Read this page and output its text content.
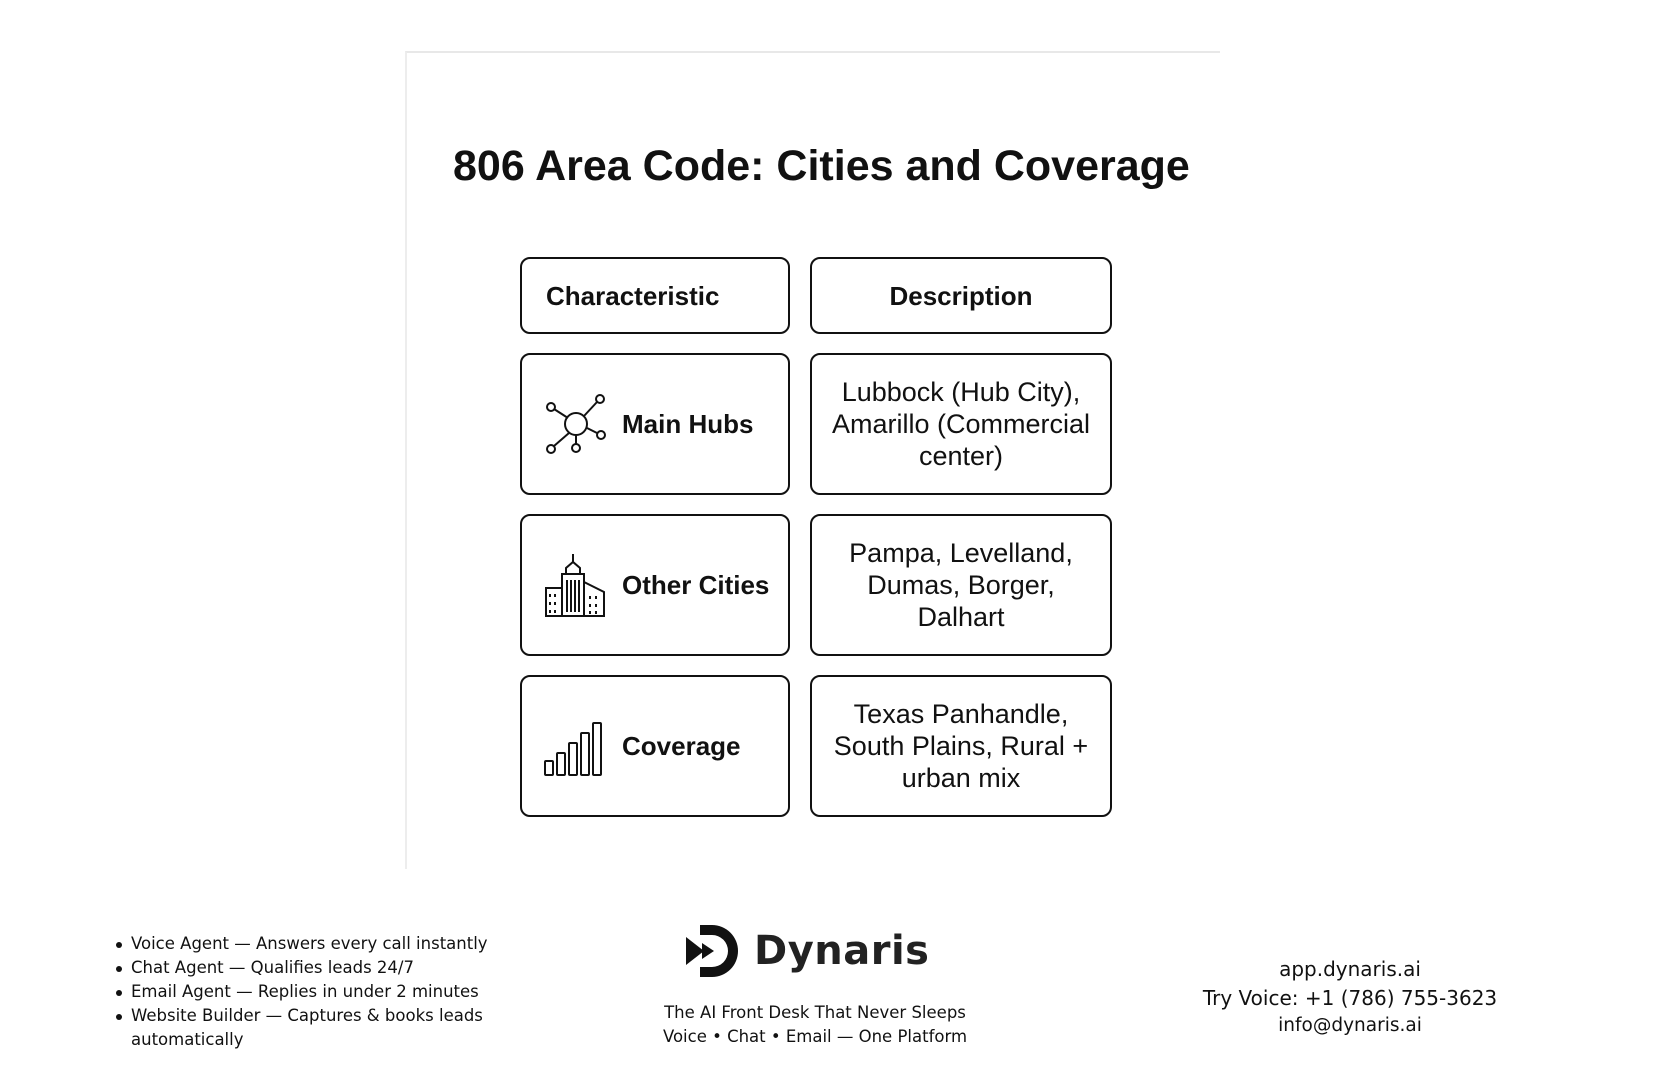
806 Area Code: Cities and Coverage
Characteristic	Description
Main Hubs
Lubbock (Hub City), Amarillo (Commercial center)
Other Cities
Pampa, Levelland, Dumas, Borger, Dalhart
Coverage
Texas Panhandle, South Plains, Rural + urban mix
Voice Agent — Answers every call instantly
Chat Agent — Qualifies leads 24/7
Email Agent — Replies in under 2 minutes
Website Builder — Captures & books leads automatically
Dynaris
The AI Front Desk That Never Sleeps
Voice • Chat • Email — One Platform
app.dynaris.ai
Try Voice: +1 (786) 755-3623
info@dynaris.ai
